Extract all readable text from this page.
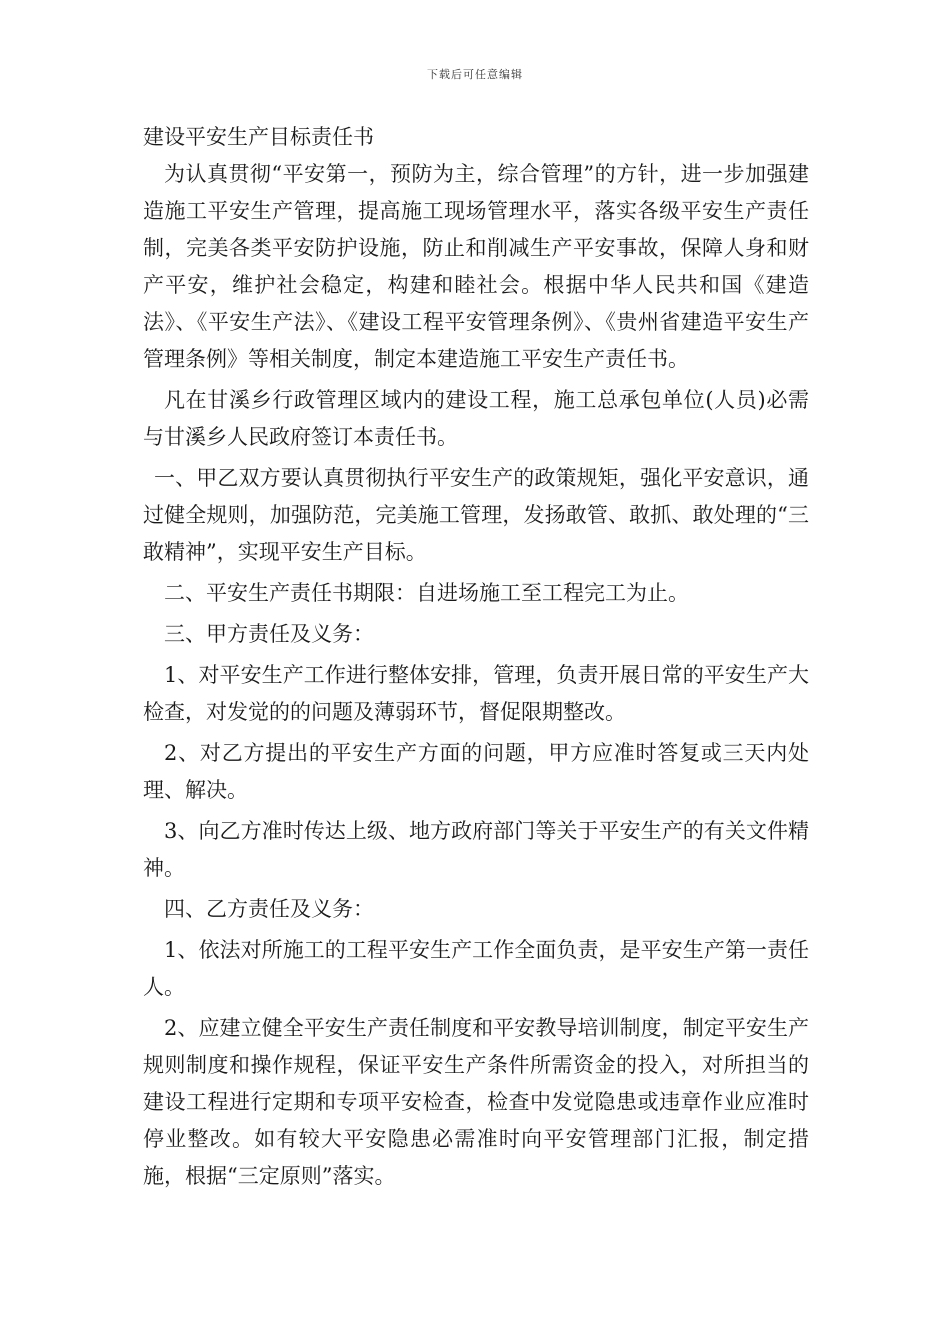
下载后可任意编辑
建设平安生产目标责任书

为认真贯彻“平安第一，预防为主，综合管理”的方针，进一步加强建造施工平安生产管理，提高施工现场管理水平，落实各级平安生产责任制，完美各类平安防护设施，防止和削减生产平安事故，保障人身和财产平安，维护社会稳定，构建和睦社会。根据中华人民共和国《建造法》、《平安生产法》、《建设工程平安管理条例》、《贵州省建造平安生产管理条例》等相关制度，制定本建造施工平安生产责任书。

凡在甘溪乡行政管理区域内的建设工程，施工总承包单位(人员)必需与甘溪乡人民政府签订本责任书。

一、甲乙双方要认真贯彻执行平安生产的政策规矩，强化平安意识，通过健全规则，加强防范，完美施工管理，发扬敢管、敢抓、敢处理的“三敢精神”，实现平安生产目标。

二、平安生产责任书期限：自进场施工至工程完工为止。

三、甲方责任及义务：

1、对平安生产工作进行整体安排，管理，负责开展日常的平安生产大检查，对发觉的的问题及薄弱环节，督促限期整改。

2、对乙方提出的平安生产方面的问题，甲方应准时答复或三天内处理、解决。

3、向乙方准时传达上级、地方政府部门等关于平安生产的有关文件精神。

四、乙方责任及义务：

1、依法对所施工的工程平安生产工作全面负责，是平安生产第一责任人。

2、应建立健全平安生产责任制度和平安教导培训制度，制定平安生产规则制度和操作规程，保证平安生产条件所需资金的投入，对所担当的建设工程进行定期和专项平安检查，检查中发觉隐患或违章作业应准时停业整改。如有较大平安隐患必需准时向平安管理部门汇报，制定措施，根据“三定原则”落实。
